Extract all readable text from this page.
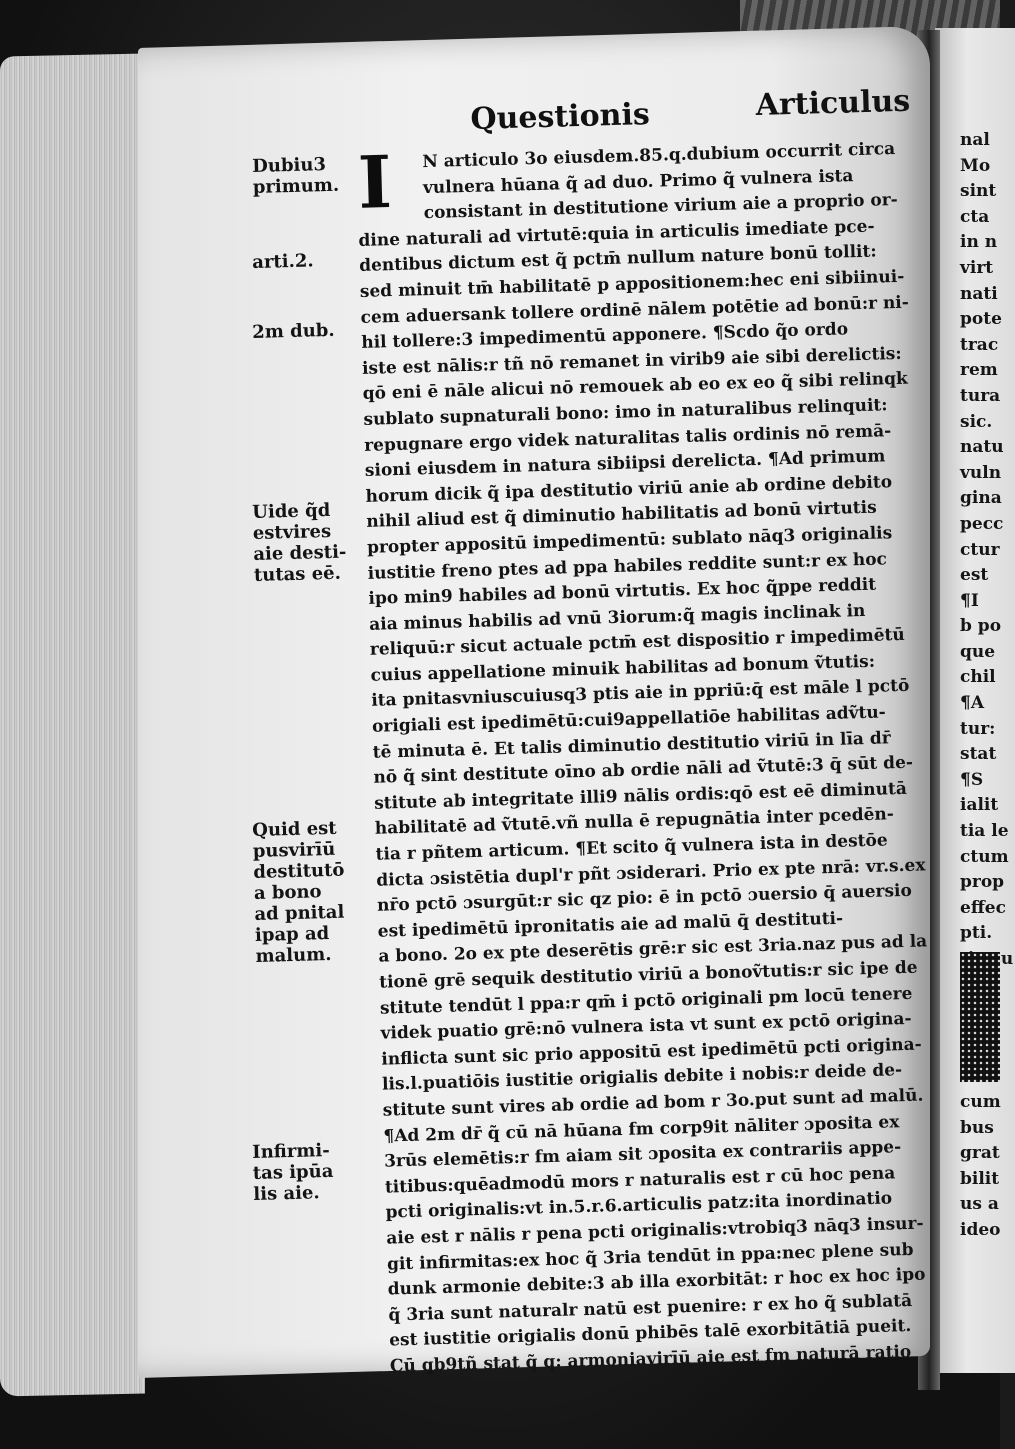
Questionis	Articulus
I
Dubiu3
primum.
arti.2.
2m dub.
Uide q̃d
estvires
aie desti-
tutas eē.
Quid est
pusvirīū
destitutō
a bono
ad pnital
ipap ad
malum.
Infirmi-
tas ipūa
lis aie.
N articulo 3o eiusdem.85.q.dubium occurrit circa
vulnera hūana q̃ ad duo. Primo q̃ vulnera ista
consistant in destitutione virium aie a proprio or-
dine naturali ad virtutē:quia in articulis imediate pce-
dentibus dictum est q̃ pctm̄ nullum nature bonū tollit:
sed minuit tm̄ habilitatē p appositionem:hec eni sibiinui-
cem aduersank tollere ordinē nālem potētie ad bonū:r ni-
hil tollere:3 impedimentū apponere. ¶Scdo q̃o ordo
iste est nālis:r tñ nō remanet in virib9 aie sibi derelictis:
qō eni ē nāle alicui nō remouek ab eo ex eo q̃ sibi relinqk
sublato supnaturali bono: imo in naturalibus relinquit:
repugnare ergo videk naturalitas talis ordinis nō remā-
sioni eiusdem in natura sibiipsi derelicta. ¶Ad primum
horum dicik q̃ ipa destitutio viriū anie ab ordine debito
nihil aliud est q̃ diminutio habilitatis ad bonū virtutis
propter appositū impedimentū: sublato nāq3 originalis
iustitie freno ptes ad ppa habiles reddite sunt:r ex hoc
ipo min9 habiles ad bonū virtutis. Ex hoc q̃ppe reddit
aia minus habilis ad vnū 3iorum:q̃ magis inclinak in
reliquū:r sicut actuale pctm̄ est dispositio r impedimētū
cuius appellatione minuik habilitas ad bonum ṽtutis:
ita pnitasvniuscuiusq3 ptis aie in ppriū:q̄ est māle l pctō
origiali est ipedimētū:cui9appellatiōe habilitas adṽtu-
tē minuta ē. Et talis diminutio destitutio viriū in līa dr̄
nō q̃ sint destitute oīno ab ordie nāli ad ṽtutē:3 q̄ sūt de-
stitute ab integritate illi9 nālis ordis:qō est eē diminutā
habilitatē ad ṽtutē.vñ nulla ē repugnātia inter pcedēn-
tia r pñtem articum. ¶Et scito q̃ vulnera ista in destōe
dicta ɔsistētia dupl'r pñt ɔsiderari. Prio ex pte nrā: vr.s.ex
nr̄o pctō ɔsurgūt:r sic qz pio: ē in pctō ɔuersio q̄ auersio
est ipedimētū ipronitatis aie ad malū q̄ destituti-
a bono. 2o ex pte deserētis grē:r sic est 3ria.naz pus ad la
tionē grē sequik destitutio viriū a bonoṽtutis:r sic ipe de
stitute tendūt l ppa:r qm̄ i pctō originali pm locū tenere
videk puatio grē:nō vulnera ista vt sunt ex pctō origina-
inflicta sunt sic prio appositū est ipedimētū pcti origina-
lis.l.puatiōis iustitie origialis debite i nobis:r deide de-
stitute sunt vires ab ordie ad bom r 3o.put sunt ad malū.
¶Ad 2m dr̄ q̃ cū nā hūana fm corp9it nāliter ɔposita ex
3rūs elemētis:r fm aiam sit ɔposita ex contrariis appe-
titibus:quēadmodū mors r naturalis est r cū hoc pena
pcti originalis:vt in.5.r.6.articulis patz:ita inordinatio
aie est r nālis r pena pcti originalis:vtrobiq3 nāq3 insur-
git infirmitas:ex hoc q̃ 3ria tendūt in ppa:nec plene sub
dunk armonie debite:3 ab illa exorbitāt: r hoc ex hoc ipo
q̃ 3ria sunt naturalr natū est puenire: r ex ho q̃ sublatā
est iustitie origialis donū phibēs talē exorbitātiā pueit.
Cū qb9tñ stat q̃ q: armoniavirīū aie est fm naturā ratio
nal
Mo
sint
cta
in n
virt
nati
pote
trac
rem
tura
sic.
natu
vuln
gina
pecc
ctur
est
¶I
b po
que
chil
¶A
tur:
stat
¶S
ialit
tia le
ctum
prop
effec
pti.
cum
bus
grat
bilit
us a
ideo
